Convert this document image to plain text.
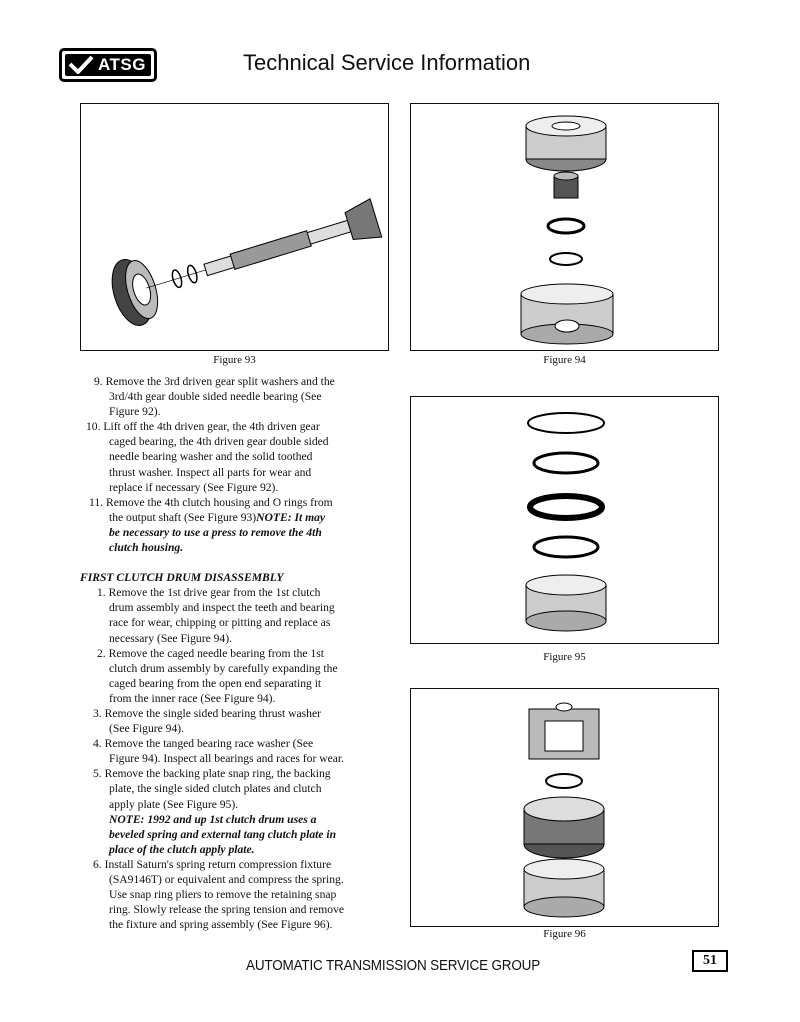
ATSG	Technical Service Information
Figure 93	Figure 94
Figure 95
Figure 96

9. Remove the 3rd driven gear split washers and the
3rd/4th gear double sided needle bearing (See
Figure 92).

10. Lift off the 4th driven gear, the 4th driven gear
caged bearing, the 4th driven gear double sided
needle bearing washer and the solid toothed
thrust washer. Inspect all parts for wear and
replace if necessary (See Figure 92).

11. Remove the 4th clutch housing and O rings from
the output shaft (See Figure 93)NOTE: It may
be necessary to use a press to remove the 4th
clutch housing.

FIRST CLUTCH DRUM DISASSEMBLY

1. Remove the 1st drive gear from the 1st clutch
drum assembly and inspect the teeth and bearing
race for wear, chipping or pitting and replace as
necessary (See Figure 94).

2. Remove the caged needle bearing from the 1st
clutch drum assembly by carefully expanding the
caged bearing from the open end separating it
from the inner race (See Figure 94).

3. Remove the single sided bearing thrust washer
(See Figure 94).

4. Remove the tanged bearing race washer (See
Figure 94). Inspect all bearings and races for wear.

5. Remove the backing plate snap ring, the backing
plate, the single sided clutch plates and clutch
apply plate (See Figure 95).

NOTE: 1992 and up 1st clutch drum uses a
beveled spring and external tang clutch plate in
place of the clutch apply plate.

6. Install Saturn's spring return compression fixture
(SA9146T) or equivalent and compress the spring.
Use snap ring pliers to remove the retaining snap
ring. Slowly release the spring tension and remove
the fixture and spring assembly (See Figure 96).

AUTOMATIC TRANSMISSION SERVICE GROUP	51
